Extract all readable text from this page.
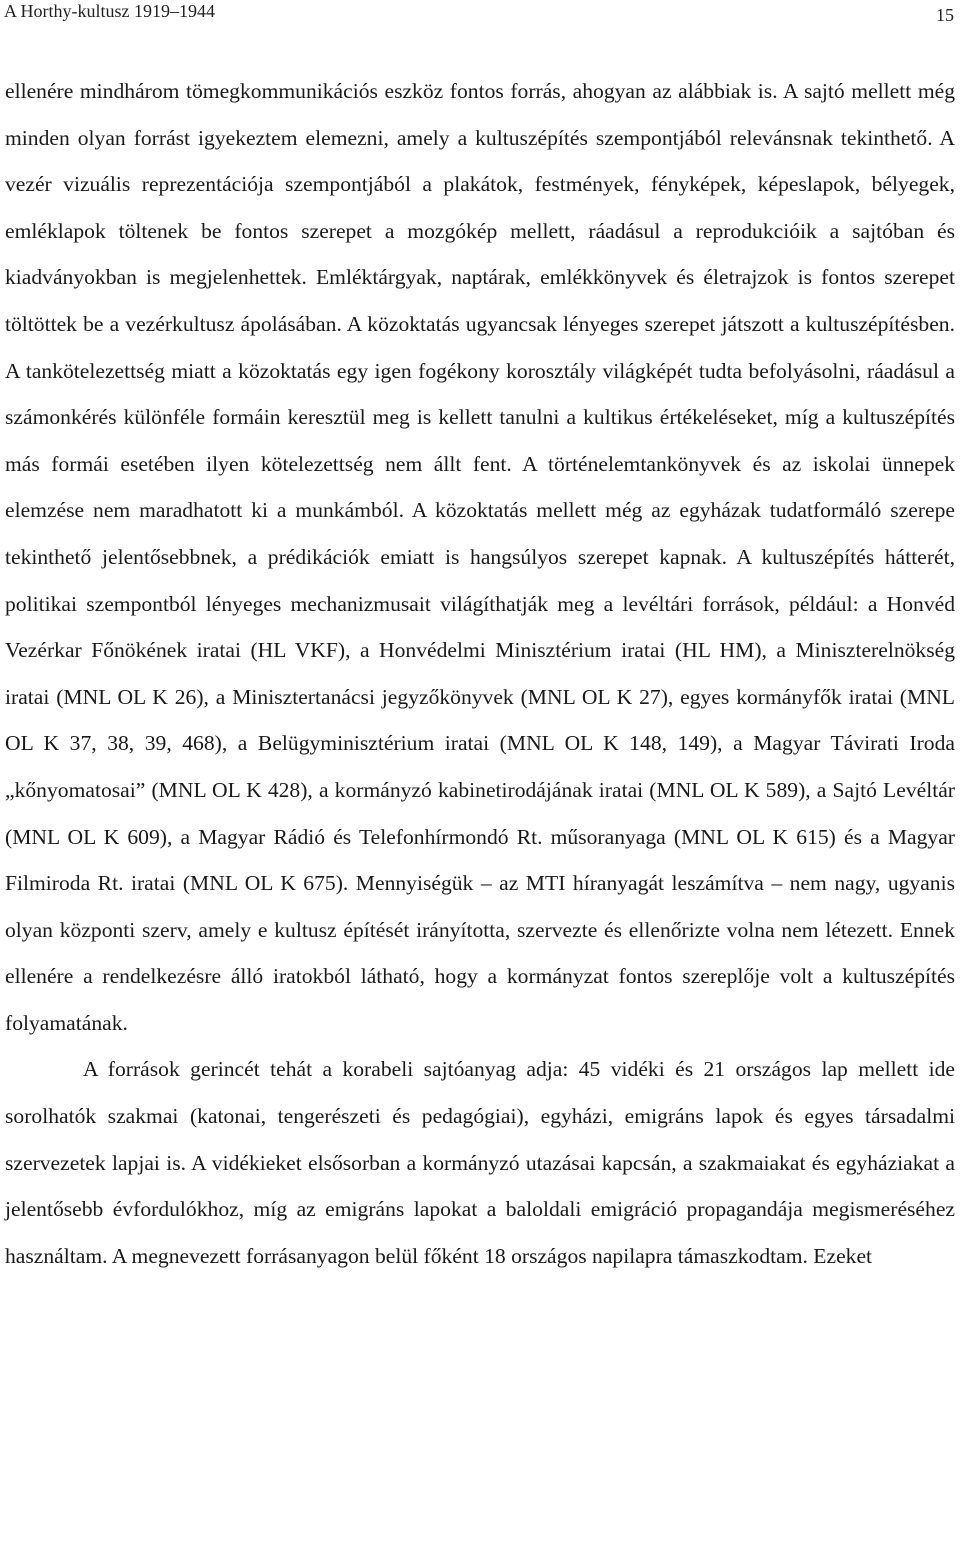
A Horthy-kultusz 1919–1944	15

ellenére mindhárom tömegkommunikációs eszköz fontos forrás, ahogyan az alábbiak is. A sajtó mellett még minden olyan forrást igyekeztem elemezni, amely a kultuszépítés szempontjából relevánsnak tekinthető. A vezér vizuális reprezentációja szempontjából a plakátok, festmények, fényképek, képeslapok, bélyegek, emléklapok töltenek be fontos szerepet a mozgókép mellett, ráadásul a reprodukcióik a sajtóban és kiadványokban is megjelenhettek. Emléktárgyak, naptárak, emlékkönyvek és életrajzok is fontos szerepet töltöttek be a vezérkultusz ápolásában. A közoktatás ugyancsak lényeges szerepet játszott a kultuszépítésben. A tankötelezettség miatt a közoktatás egy igen fogékony korosztály világképét tudta befolyásolni, ráadásul a számonkérés különféle formáin keresztül meg is kellett tanulni a kultikus értékeléseket, míg a kultuszépítés más formái esetében ilyen kötelezettség nem állt fent. A történelemtankönyvek és az iskolai ünnepek elemzése nem maradhatott ki a munkámból. A közoktatás mellett még az egyházak tudatformáló szerepe tekinthető jelentősebbnek, a prédikációk emiatt is hangsúlyos szerepet kapnak. A kultuszépítés hátterét, politikai szempontból lényeges mechanizmusait világíthatják meg a levéltári források, például: a Honvéd Vezérkar Főnökének iratai (HL VKF), a Honvédelmi Minisztérium iratai (HL HM), a Miniszterelnökség iratai (MNL OL K 26), a Minisztertanácsi jegyzőkönyvek (MNL OL K 27), egyes kormányfők iratai (MNL OL K 37, 38, 39, 468), a Belügyminisztérium iratai (MNL OL K 148, 149), a Magyar Távirati Iroda „kőnyomatosai” (MNL OL K 428), a kormányzó kabinetirodájának iratai (MNL OL K 589), a Sajtó Levéltár (MNL OL K 609), a Magyar Rádió és Telefonhírmondó Rt. műsoranyaga (MNL OL K 615) és a Magyar Filmiroda Rt. iratai (MNL OL K 675). Mennyiségük – az MTI híranyagát leszámítva – nem nagy, ugyanis olyan központi szerv, amely e kultusz építését irányította, szervezte és ellenőrizte volna nem létezett. Ennek ellenére a rendelkezésre álló iratokból látható, hogy a kormányzat fontos szereplője volt a kultuszépítés folyamatának.

A források gerincét tehát a korabeli sajtóanyag adja: 45 vidéki és 21 országos lap mellett ide sorolhatók szakmai (katonai, tengerészeti és pedagógiai), egyházi, emigráns lapok és egyes társadalmi szervezetek lapjai is. A vidékieket elsősorban a kormányzó utazásai kapcsán, a szakmaiakat és egyháziakat a jelentősebb évfordulókhoz, míg az emigráns lapokat a baloldali emigráció propagandája megismeréséhez használtam. A megnevezett forrásanyagon belül főként 18 országos napilapra támaszkodtam. Ezeket
